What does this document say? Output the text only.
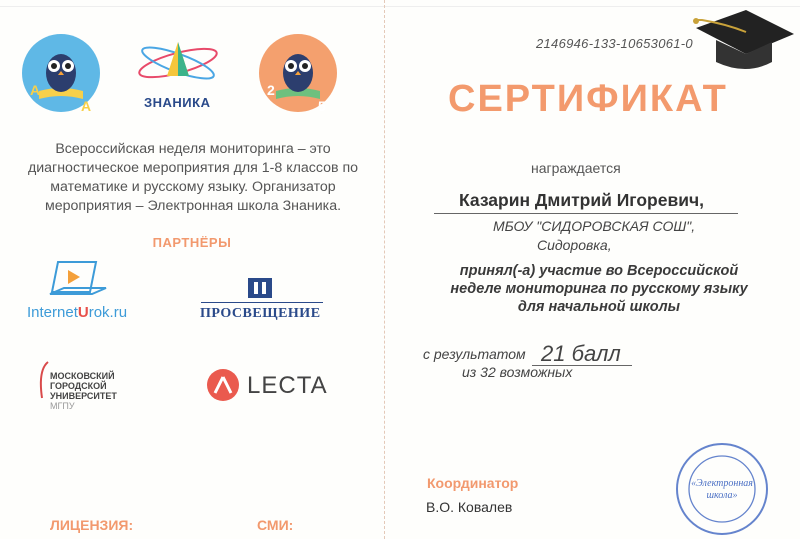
А
А	ЗНАНИКА
2
5
Всероссийская неделя мониторинга – это диагностическое мероприятия для 1-8 классов по математике и русскому языку. Организатор мероприятия – Электронная школа Знаника.
ПАРТНЁРЫ
InternetUrok.ru	ПРОСВЕЩЕНИЕ
МОСКОВСКИЙ
ГОРОДСКОЙ
УНИВЕРСИТЕТ
МГПУ
LECTA
ЛИЦЕНЗИЯ:	СМИ:
2146946-133-10653061-0
СЕРТИФИКАТ
награждается
Казарин Дмитрий Игоревич,
МБОУ "СИДОРОВСКАЯ СОШ",
Сидоровка,
принял(-а) участие во Всероссийской
неделе мониторинга по русскому языку
для начальной школы
с результатом 21 балл
из 32 возможных
Координатор
В.О. Ковалев
«Электронная
школа»
